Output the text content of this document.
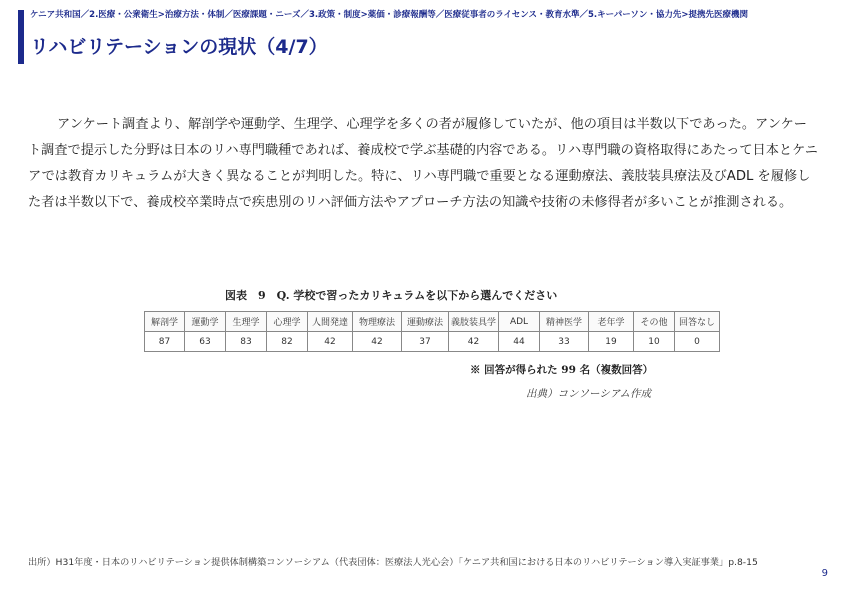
ケニア共和国／2.医療・公衆衛生>治療方法・体制／医療課題・ニーズ／3.政策・制度>薬価・診療報酬等／医療従事者のライセンス・教育水準／5.キーパーソン・協力先>提携先医療機関
リハビリテーションの現状（4/7）

アンケート調査より、解剖学や運動学、生理学、心理学を多くの者が履修していたが、他の項目は半数以下であった。アンケート調査で提示した分野は日本のリハ専門職種であれば、養成校で学ぶ基礎的内容である。リハ専門職の資格取得にあたって日本とケニアでは教育カリキュラムが大きく異なることが判明した。特に、リハ専門職で重要となる運動療法、義肢装具療法及びADL を履修した者は半数以下で、養成校卒業時点で疾患別のリハ評価方法やアプローチ方法の知識や技術の未修得者が多いことが推測される。

図表　9　Q. 学校で習ったカリキュラムを以下から選んでください
解剖学	運動学	生理学	心理学	人間発達	物理療法	運動療法	義肢装具学	ADL	精神医学	老年学	その他	回答なし
87	63	83	82	42	42	37	42	44	33	19	10	0
※ 回答が得られた 99 名（複数回答）
出典）コンソーシアム作成
出所）H31年度・日本のリハビリテーション提供体制構築コンソーシアム（代表団体：医療法人光心会）「ケニア共和国における日本のリハビリテーション導入実証事業」p.8-15
9
